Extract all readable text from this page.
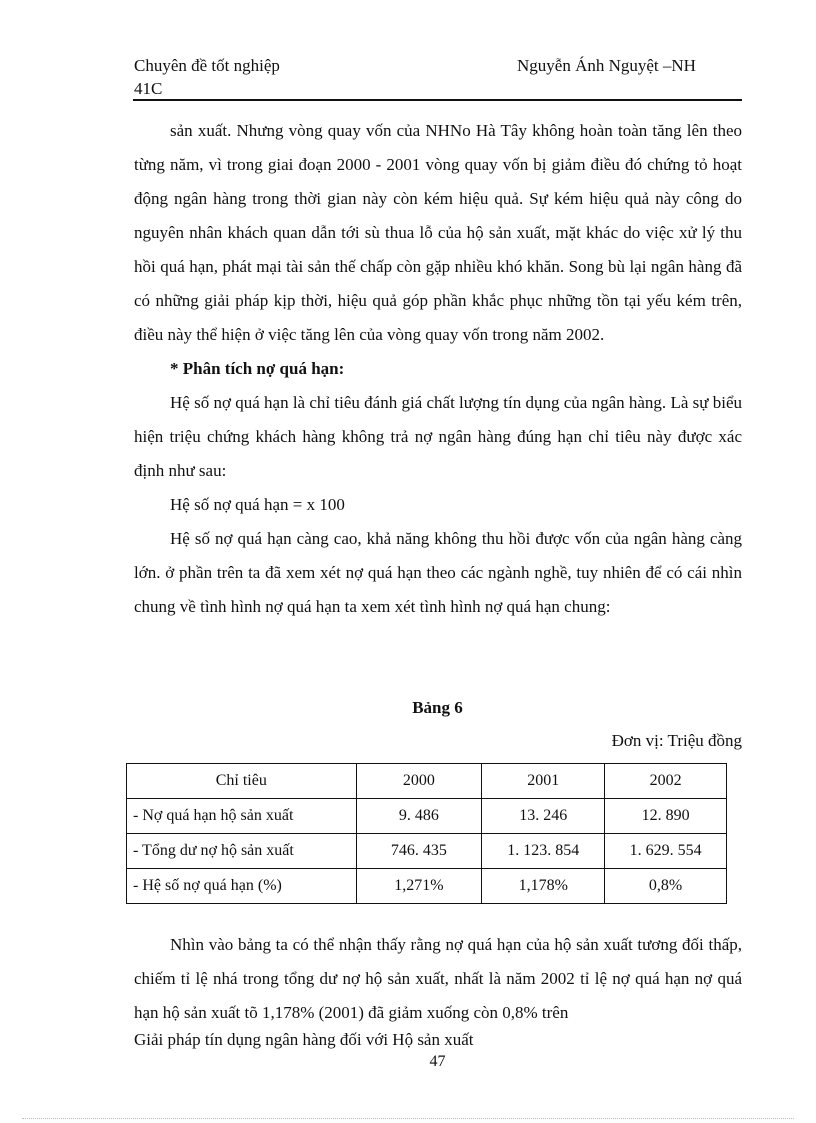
Chuyên đề tốt nghiệp
41C
Nguyễn Ánh Nguyệt –NH

sản xuất. Nhưng vòng quay vốn của NHNo Hà Tây không hoàn toàn tăng lên theo từng năm, vì trong giai đoạn 2000 - 2001 vòng quay vốn bị giảm điều đó chứng tỏ hoạt động ngân hàng trong thời gian này còn kém hiệu quả. Sự kém hiệu quả này công do nguyên nhân khách quan dẫn tới sù thua lỗ của hộ sản xuất, mặt khác do việc xử lý thu hồi quá hạn, phát mại tài sản thế chấp còn gặp nhiều khó khăn. Song bù lại ngân hàng đã có những giải pháp kịp thời, hiệu quả góp phần khắc phục những tồn tại yếu kém trên, điều này thể hiện ở việc tăng lên của vòng quay vốn trong năm 2002.

* Phân tích nợ quá hạn:

Hệ số nợ quá hạn là chỉ tiêu đánh giá chất lượng tín dụng của ngân hàng. Là sự biểu hiện triệu chứng khách hàng không trả nợ ngân hàng đúng hạn chỉ tiêu này được xác định như sau:

Hệ số nợ quá hạn = x 100

Hệ số nợ quá hạn càng cao, khả năng không thu hồi được vốn của ngân hàng càng lớn. ở phần trên ta đã xem xét nợ quá hạn theo các ngành nghề, tuy nhiên để có cái nhìn chung về tình hình nợ quá hạn ta xem xét tình hình nợ quá hạn chung:

Bảng 6
Đơn vị: Triệu đồng
Chỉ tiêu	2000	2001	2002
- Nợ quá hạn hộ sản xuất	9. 486	13. 246	12. 890
- Tổng dư nợ hộ sản xuất	746. 435	1. 123. 854	1. 629. 554
- Hệ số nợ quá hạn (%)	1,271%	1,178%	0,8%

Nhìn vào bảng ta có thể nhận thấy rằng nợ quá hạn của hộ sản xuất tương đối thấp, chiếm tỉ lệ nhá trong tổng dư nợ hộ sản xuất, nhất là năm 2002 tỉ lệ nợ quá hạn nợ quá hạn hộ sản xuất tõ 1,178% (2001) đã giảm xuống còn 0,8% trên

Giải pháp tín dụng ngân hàng đối với Hộ sản xuất
47
